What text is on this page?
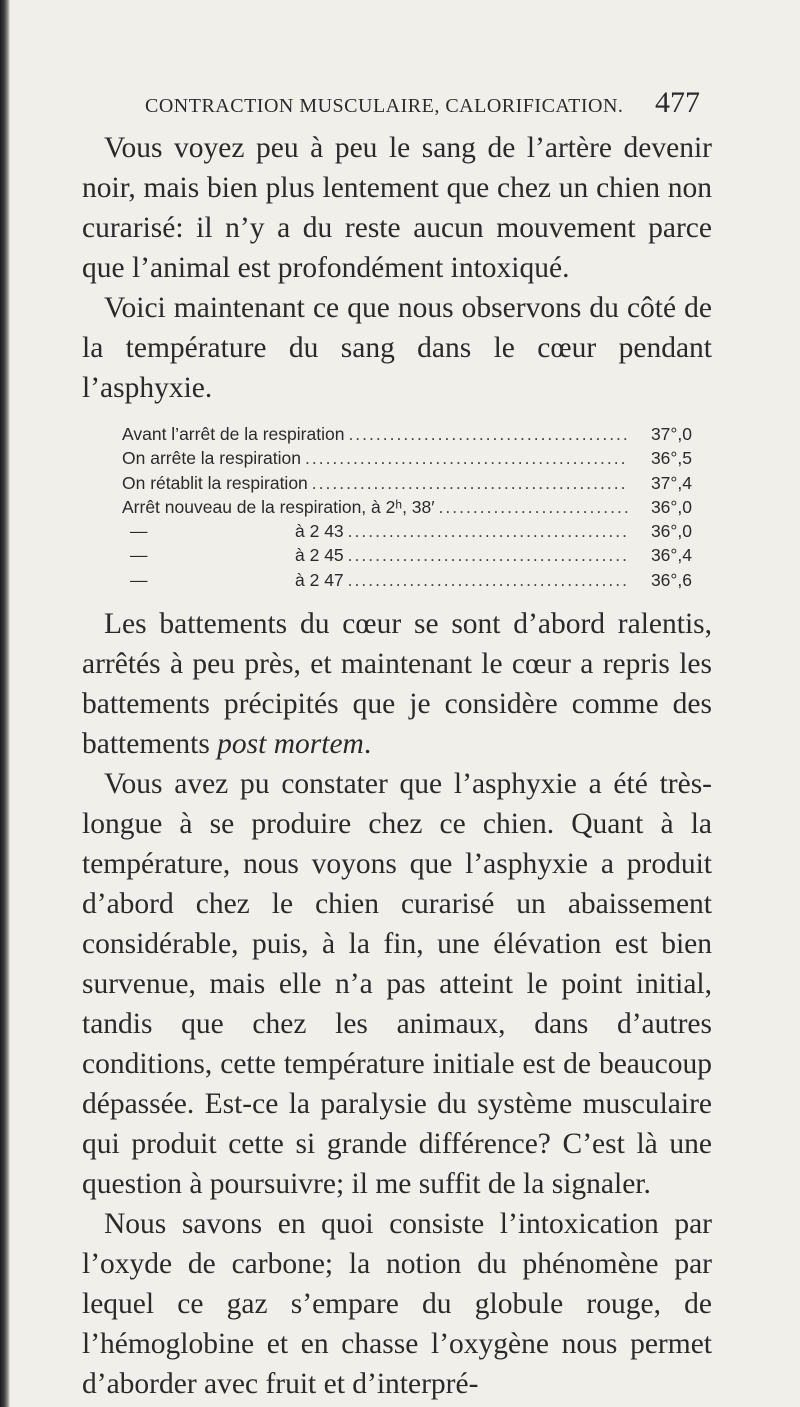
CONTRACTION MUSCULAIRE, CALORIFICATION. 477

Vous voyez peu à peu le sang de l’artère devenir noir, mais bien plus lentement que chez un chien non curarisé: il n’y a du reste aucun mouvement parce que l’animal est profondément intoxiqué.

Voici maintenant ce que nous observons du côté de la température du sang dans le cœur pendant l’asphyxie.

Avant l’arrêt de la respiration .....	37°,0
On arrête la respiration .....	36°,5
On rétablit la respiration .....	37°,4
Arrêt nouveau de la respiration, à 2ʰ, 38′ .....	36°,0
—	à 2 43 .....	36°,0
—	à 2 45 .....	36°,4
—	à 2 47 .....	36°,6

Les battements du cœur se sont d’abord ralentis, arrêtés à peu près, et maintenant le cœur a repris les battements précipités que je considère comme des battements post mortem.

Vous avez pu constater que l’asphyxie a été très-longue à se produire chez ce chien. Quant à la température, nous voyons que l’asphyxie a produit d’abord chez le chien curarisé un abaissement considérable, puis, à la fin, une élévation est bien survenue, mais elle n’a pas atteint le point initial, tandis que chez les animaux, dans d’autres conditions, cette température initiale est de beaucoup dépassée. Est-ce la paralysie du système musculaire qui produit cette si grande différence? C’est là une question à poursuivre; il me suffit de la signaler.

Nous savons en quoi consiste l’intoxication par l’oxyde de carbone; la notion du phénomène par lequel ce gaz s’empare du globule rouge, de l’hémoglobine et en chasse l’oxygène nous permet d’aborder avec fruit et d’interpré-
